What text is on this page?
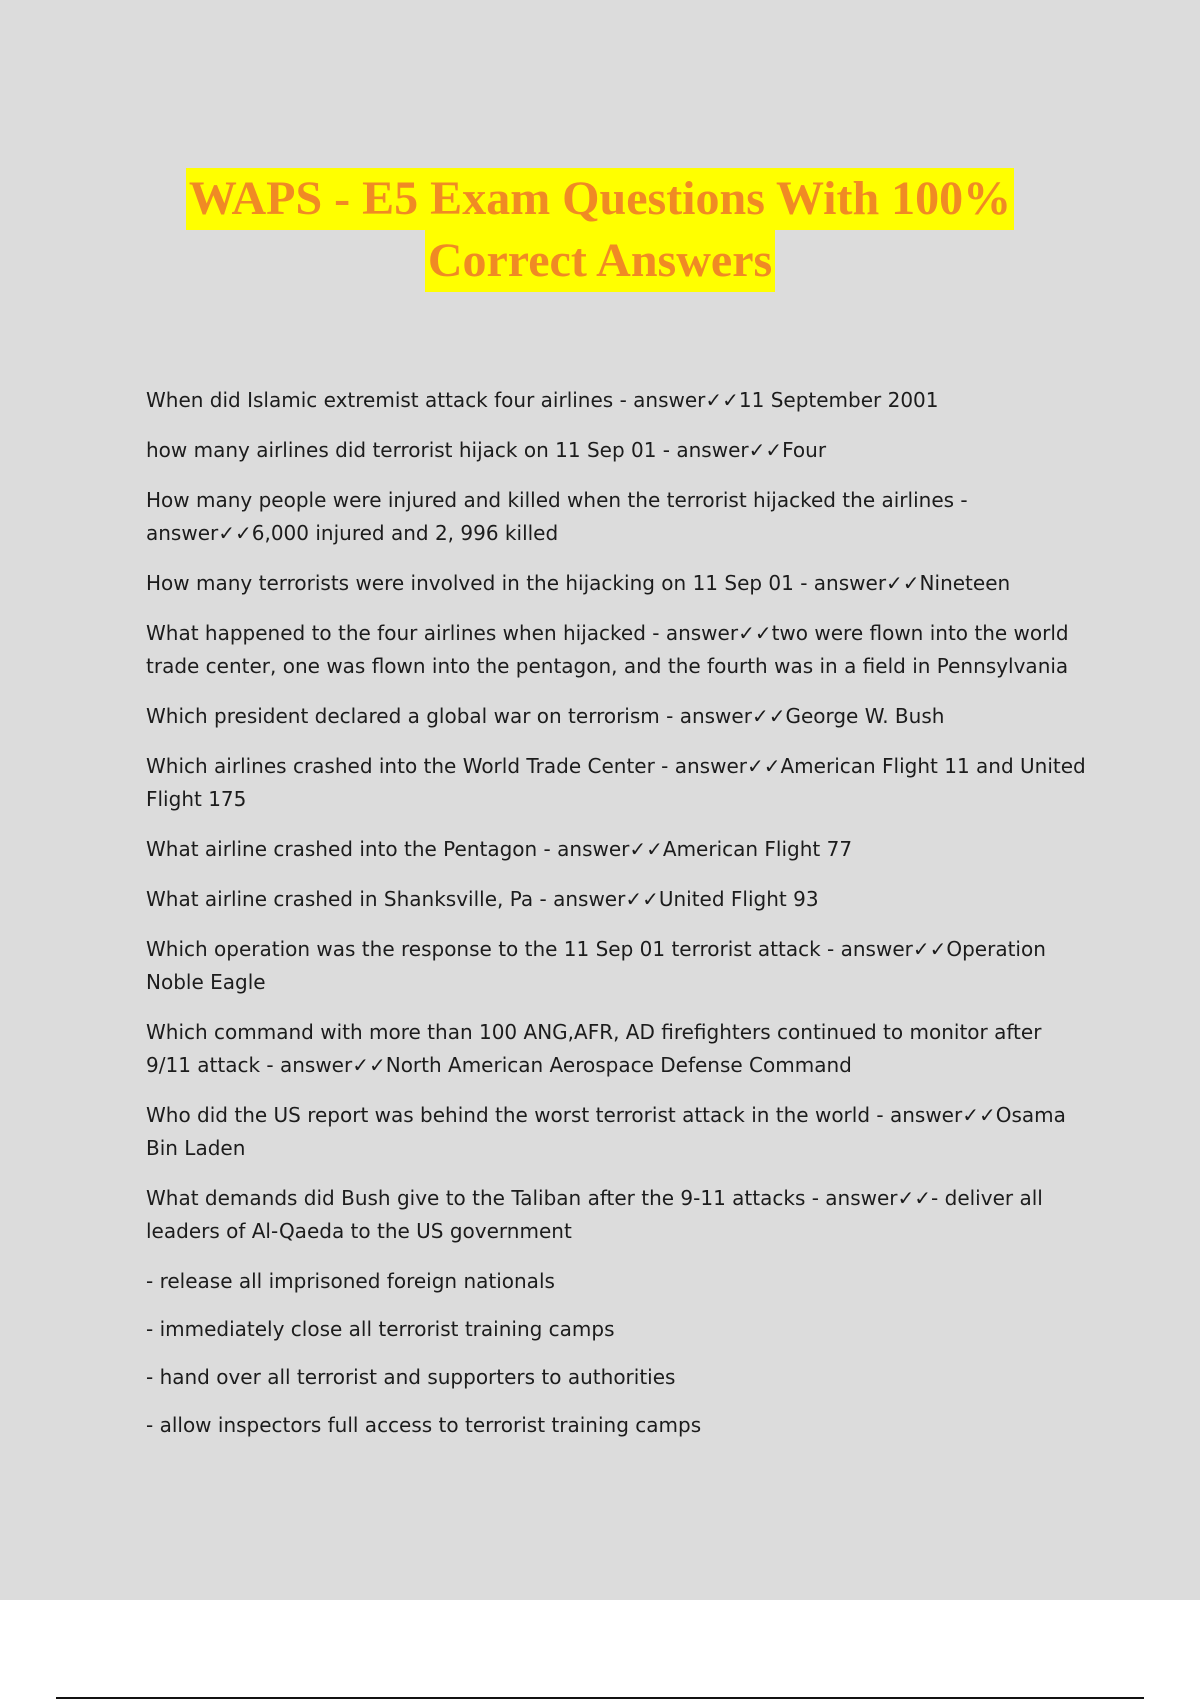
WAPS - E5 Exam Questions With 100%
Correct Answers

When did Islamic extremist attack four airlines - answer✓✓11 September 2001

how many airlines did terrorist hijack on 11 Sep 01 - answer✓✓Four

How many people were injured and killed when the terrorist hijacked the airlines - answer✓✓6,000 injured and 2, 996 killed

How many terrorists were involved in the hijacking on 11 Sep 01 - answer✓✓Nineteen

What happened to the four airlines when hijacked - answer✓✓two were flown into the world trade center, one was flown into the pentagon, and the fourth was in a field in Pennsylvania

Which president declared a global war on terrorism - answer✓✓George W. Bush

Which airlines crashed into the World Trade Center - answer✓✓American Flight 11 and United Flight 175

What airline crashed into the Pentagon - answer✓✓American Flight 77

What airline crashed in Shanksville, Pa - answer✓✓United Flight 93

Which operation was the response to the 11 Sep 01 terrorist attack - answer✓✓Operation Noble Eagle

Which command with more than 100 ANG,AFR, AD firefighters continued to monitor after 9/11 attack - answer✓✓North American Aerospace Defense Command

Who did the US report was behind the worst terrorist attack in the world - answer✓✓Osama Bin Laden

What demands did Bush give to the Taliban after the 9-11 attacks - answer✓✓- deliver all leaders of Al-Qaeda to the US government

- release all imprisoned foreign nationals

- immediately close all terrorist training camps

- hand over all terrorist and supporters to authorities

- allow inspectors full access to terrorist training camps
